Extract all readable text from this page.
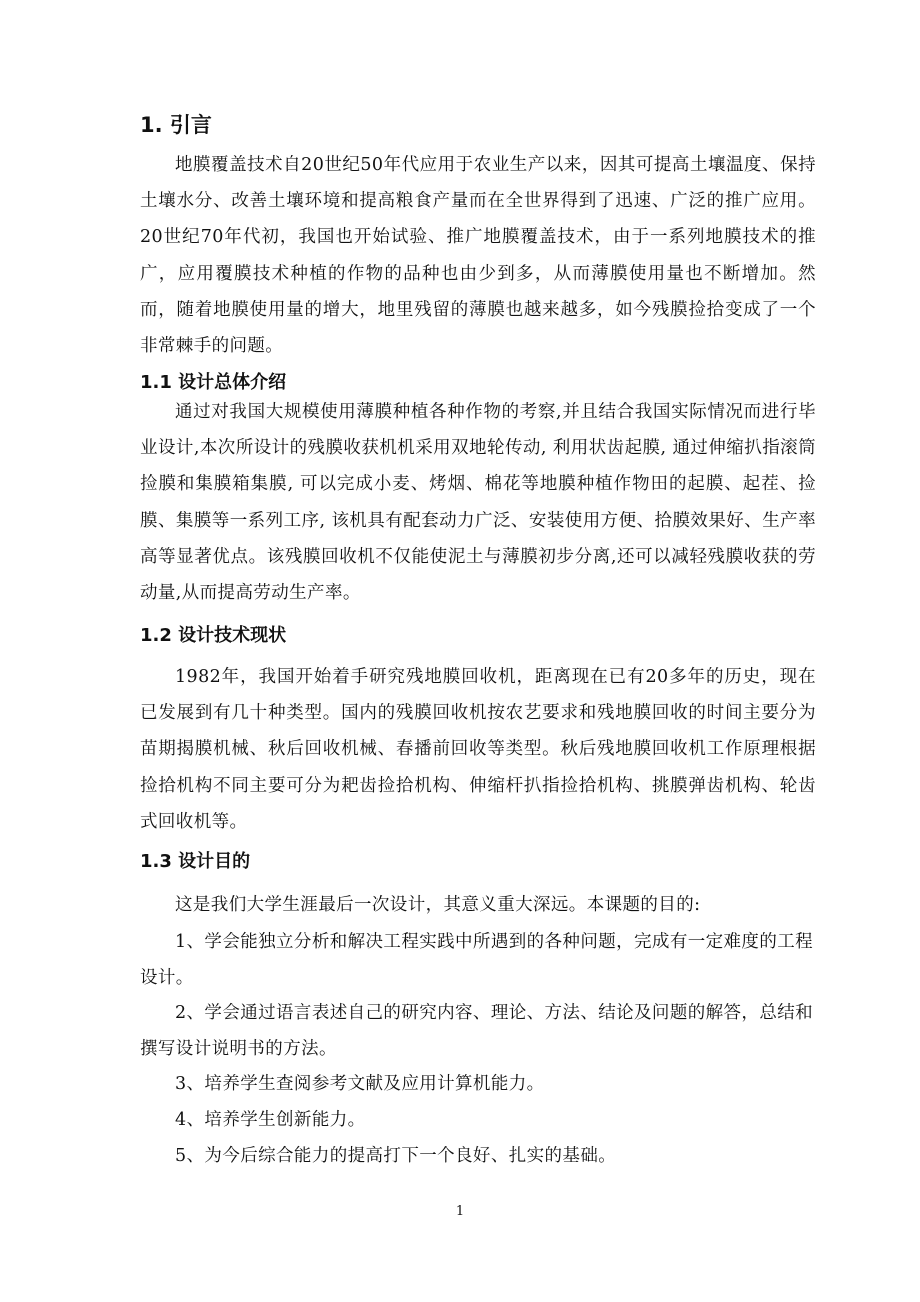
1. 引言
地膜覆盖技术自20世纪50年代应用于农业生产以来，因其可提高土壤温度、保持土壤水分、改善土壤环境和提高粮食产量而在全世界得到了迅速、广泛的推广应用。20世纪70年代初，我国也开始试验、推广地膜覆盖技术，由于一系列地膜技术的推广，应用覆膜技术种植的作物的品种也由少到多，从而薄膜使用量也不断增加。然而，随着地膜使用量的增大，地里残留的薄膜也越来越多，如今残膜捡拾变成了一个非常棘手的问题。
1.1 设计总体介绍
通过对我国大规模使用薄膜种植各种作物的考察,并且结合我国实际情况而进行毕业设计,本次所设计的残膜收获机机采用双地轮传动, 利用状齿起膜, 通过伸缩扒指滚筒捡膜和集膜箱集膜, 可以完成小麦、烤烟、棉花等地膜种植作物田的起膜、起茬、捡膜、集膜等一系列工序, 该机具有配套动力广泛、安装使用方便、拾膜效果好、生产率高等显著优点。该残膜回收机不仅能使泥土与薄膜初步分离,还可以减轻残膜收获的劳动量,从而提高劳动生产率。
1.2 设计技术现状
1982年，我国开始着手研究残地膜回收机，距离现在已有20多年的历史，现在已发展到有几十种类型。国内的残膜回收机按农艺要求和残地膜回收的时间主要分为苗期揭膜机械、秋后回收机械、春播前回收等类型。秋后残地膜回收机工作原理根据捡拾机构不同主要可分为耙齿捡拾机构、伸缩杆扒指捡拾机构、挑膜弹齿机构、轮齿式回收机等。
1.3 设计目的
这是我们大学生涯最后一次设计，其意义重大深远。本课题的目的:
1、学会能独立分析和解决工程实践中所遇到的各种问题，完成有一定难度的工程设计。
2、学会通过语言表述自己的研究内容、理论、方法、结论及问题的解答，总结和撰写设计说明书的方法。
3、培养学生查阅参考文献及应用计算机能力。
4、培养学生创新能力。
5、为今后综合能力的提高打下一个良好、扎实的基础。
1
